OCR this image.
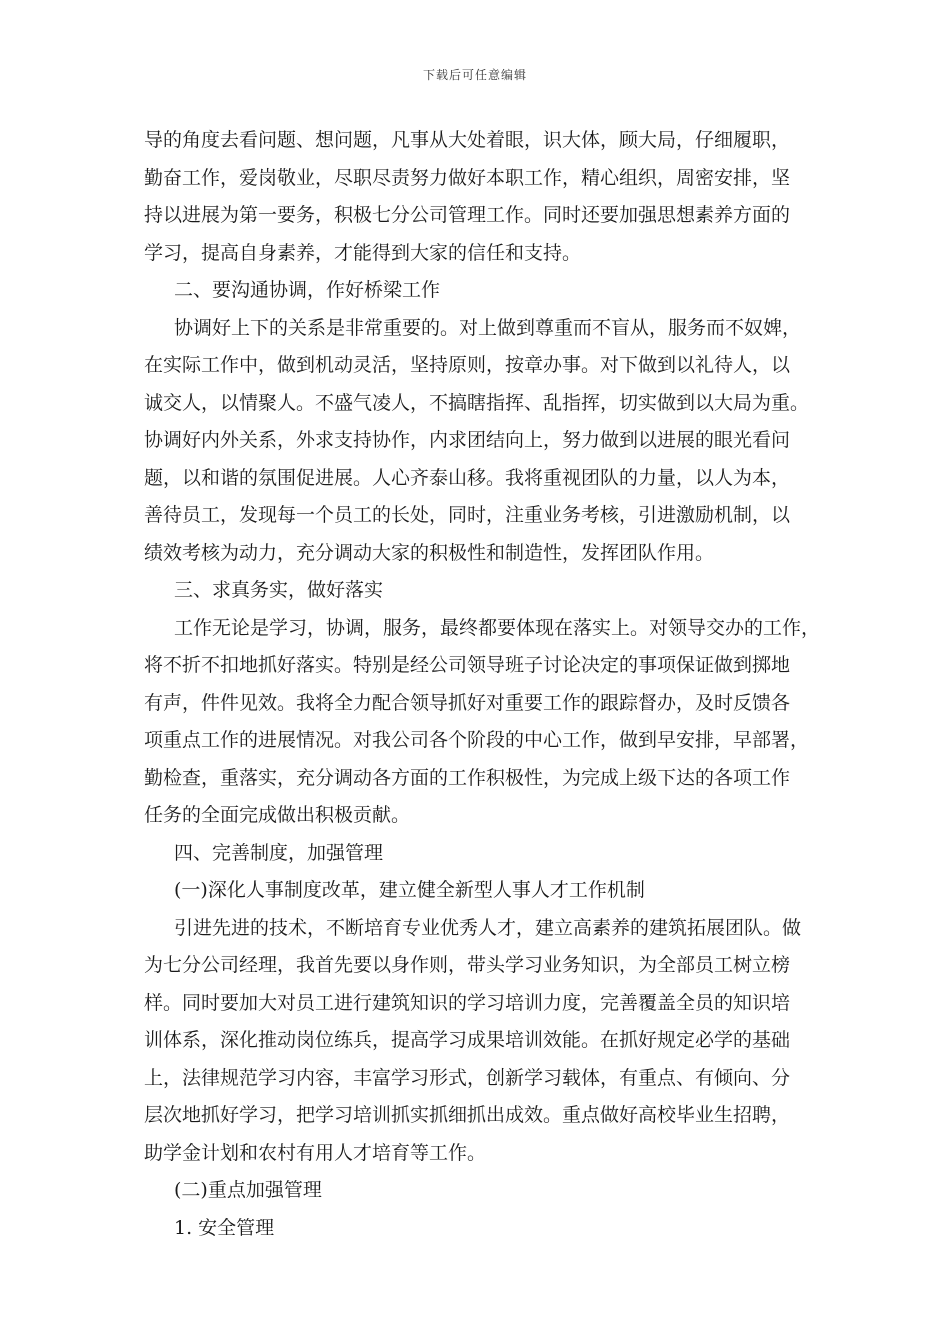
下载后可任意编辑
导的角度去看问题、想问题，凡事从大处着眼，识大体，顾大局，仔细履职，
勤奋工作，爱岗敬业，尽职尽责努力做好本职工作，精心组织，周密安排，坚
持以进展为第一要务，积极七分公司管理工作。同时还要加强思想素养方面的
学习，提高自身素养，才能得到大家的信任和支持。
二、要沟通协调，作好桥梁工作
协调好上下的关系是非常重要的。对上做到尊重而不盲从，服务而不奴婢，
在实际工作中，做到机动灵活，坚持原则，按章办事。对下做到以礼待人，以
诚交人，以情聚人。不盛气凌人，不搞瞎指挥、乱指挥，切实做到以大局为重。
协调好内外关系，外求支持协作，内求团结向上，努力做到以进展的眼光看问
题，以和谐的氛围促进展。人心齐泰山移。我将重视团队的力量，以人为本，
善待员工，发现每一个员工的长处，同时，注重业务考核，引进激励机制，以
绩效考核为动力，充分调动大家的积极性和制造性，发挥团队作用。
三、求真务实，做好落实
工作无论是学习，协调，服务，最终都要体现在落实上。对领导交办的工作，
将不折不扣地抓好落实。特别是经公司领导班子讨论决定的事项保证做到掷地
有声，件件见效。我将全力配合领导抓好对重要工作的跟踪督办，及时反馈各
项重点工作的进展情况。对我公司各个阶段的中心工作，做到早安排，早部署，
勤检查，重落实，充分调动各方面的工作积极性，为完成上级下达的各项工作
任务的全面完成做出积极贡献。
四、完善制度，加强管理
(一)深化人事制度改革，建立健全新型人事人才工作机制
引进先进的技术，不断培育专业优秀人才，建立高素养的建筑拓展团队。做
为七分公司经理，我首先要以身作则，带头学习业务知识，为全部员工树立榜
样。同时要加大对员工进行建筑知识的学习培训力度，完善覆盖全员的知识培
训体系，深化推动岗位练兵，提高学习成果培训效能。在抓好规定必学的基础
上，法律规范学习内容，丰富学习形式，创新学习载体，有重点、有倾向、分
层次地抓好学习，把学习培训抓实抓细抓出成效。重点做好高校毕业生招聘，
助学金计划和农村有用人才培育等工作。
(二)重点加强管理
1. 安全管理
